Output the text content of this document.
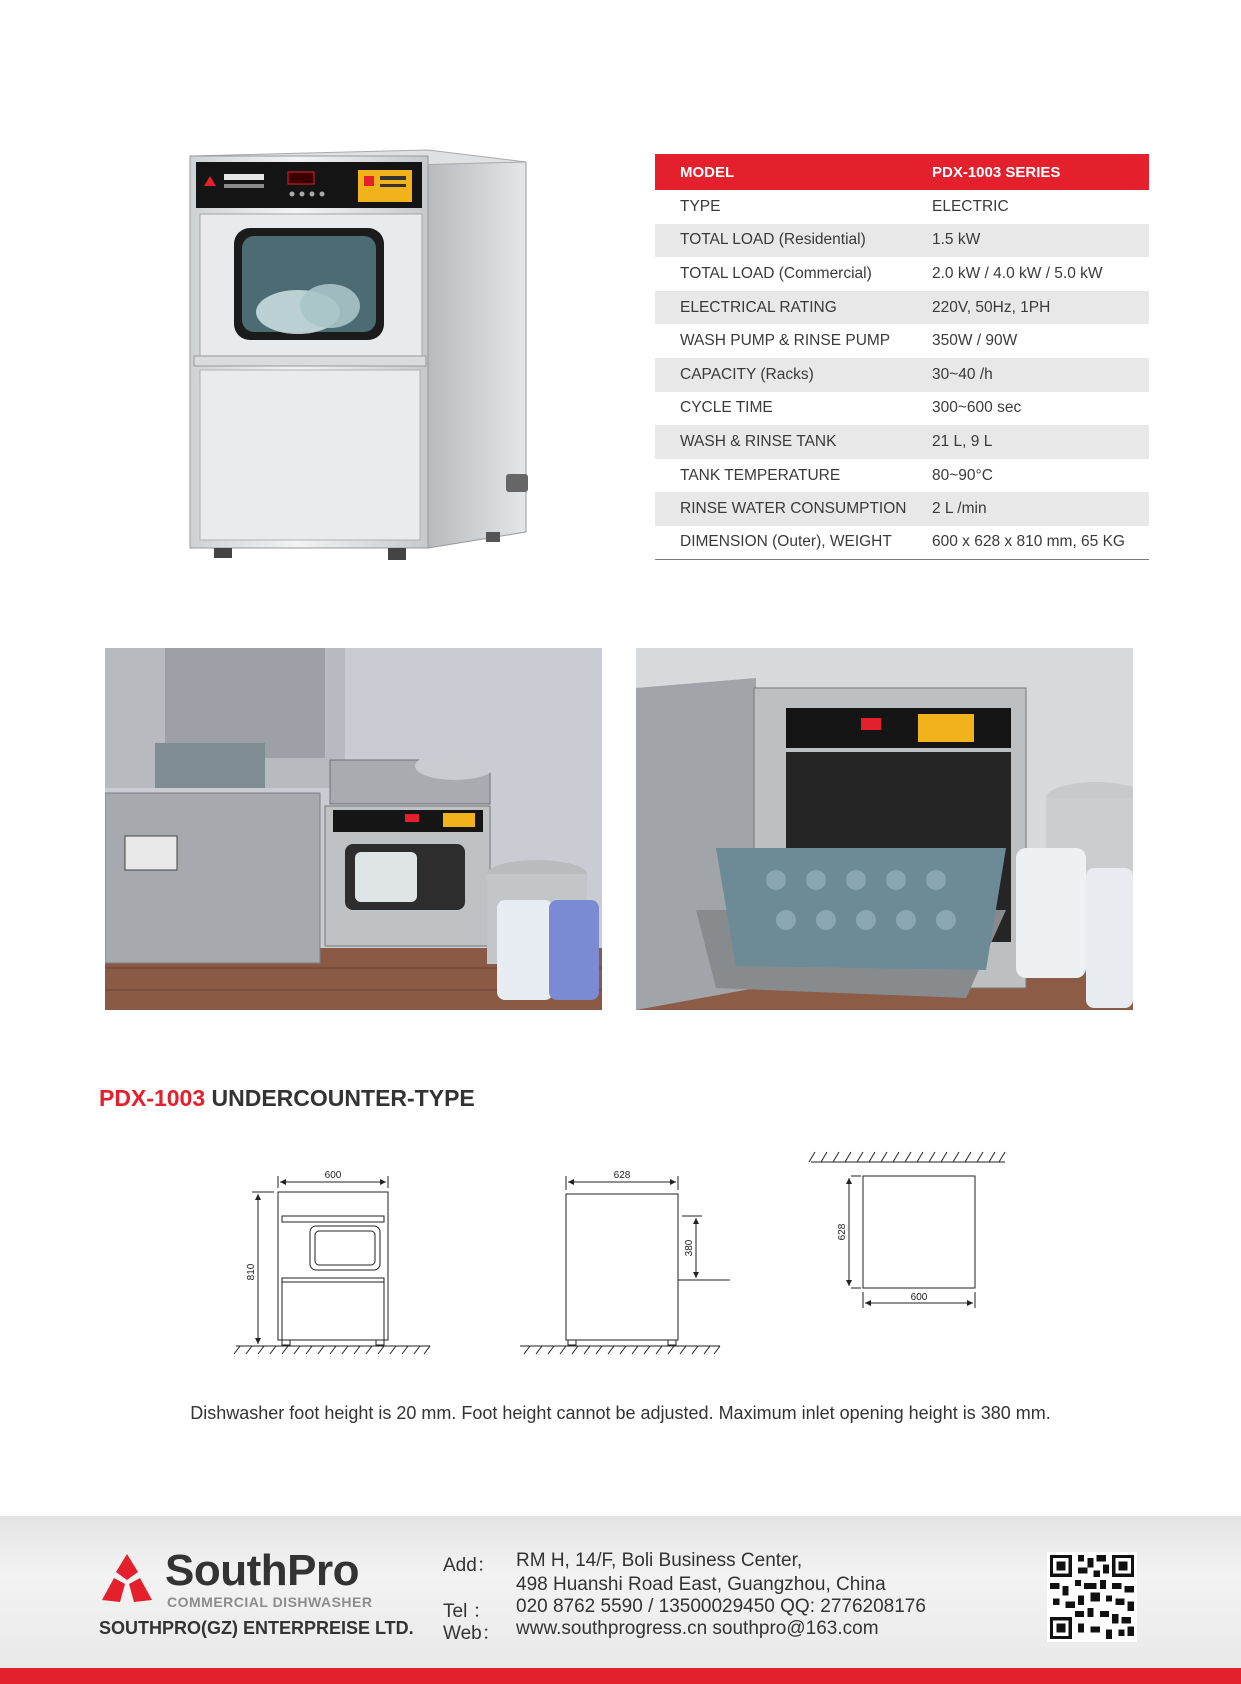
MODEL	PDX-1003 SERIES
TYPE	ELECTRIC
TOTAL LOAD (Residential)	1.5 kW
TOTAL LOAD (Commercial)	2.0 kW / 4.0 kW / 5.0 kW
ELECTRICAL RATING	220V, 50Hz, 1PH
WASH PUMP & RINSE PUMP	350W / 90W
CAPACITY (Racks)	30~40 /h
CYCLE TIME	300~600 sec
WASH & RINSE TANK	21 L, 9 L
TANK TEMPERATURE	80~90°C
RINSE WATER CONSUMPTION	2 L /min
DIMENSION (Outer), WEIGHT	600 x 628 x 810 mm, 65 KG
PDX-1003 UNDERCOUNTER-TYPE
600
810
628
380
628
600
Dishwasher foot height is 20 mm. Foot height cannot be adjusted. Maximum inlet opening height is 380 mm.
SouthPro
COMMERCIAL DISHWASHER
SOUTHPRO(GZ) ENTERPREISE LTD.
Add： RM H, 14/F, Boli Business Center,
498 Huanshi Road East, Guangzhou, China
Tel ： 020 8762 5590 / 13500029450 QQ: 2776208176
Web： www.southprogress.cn southpro@163.com
